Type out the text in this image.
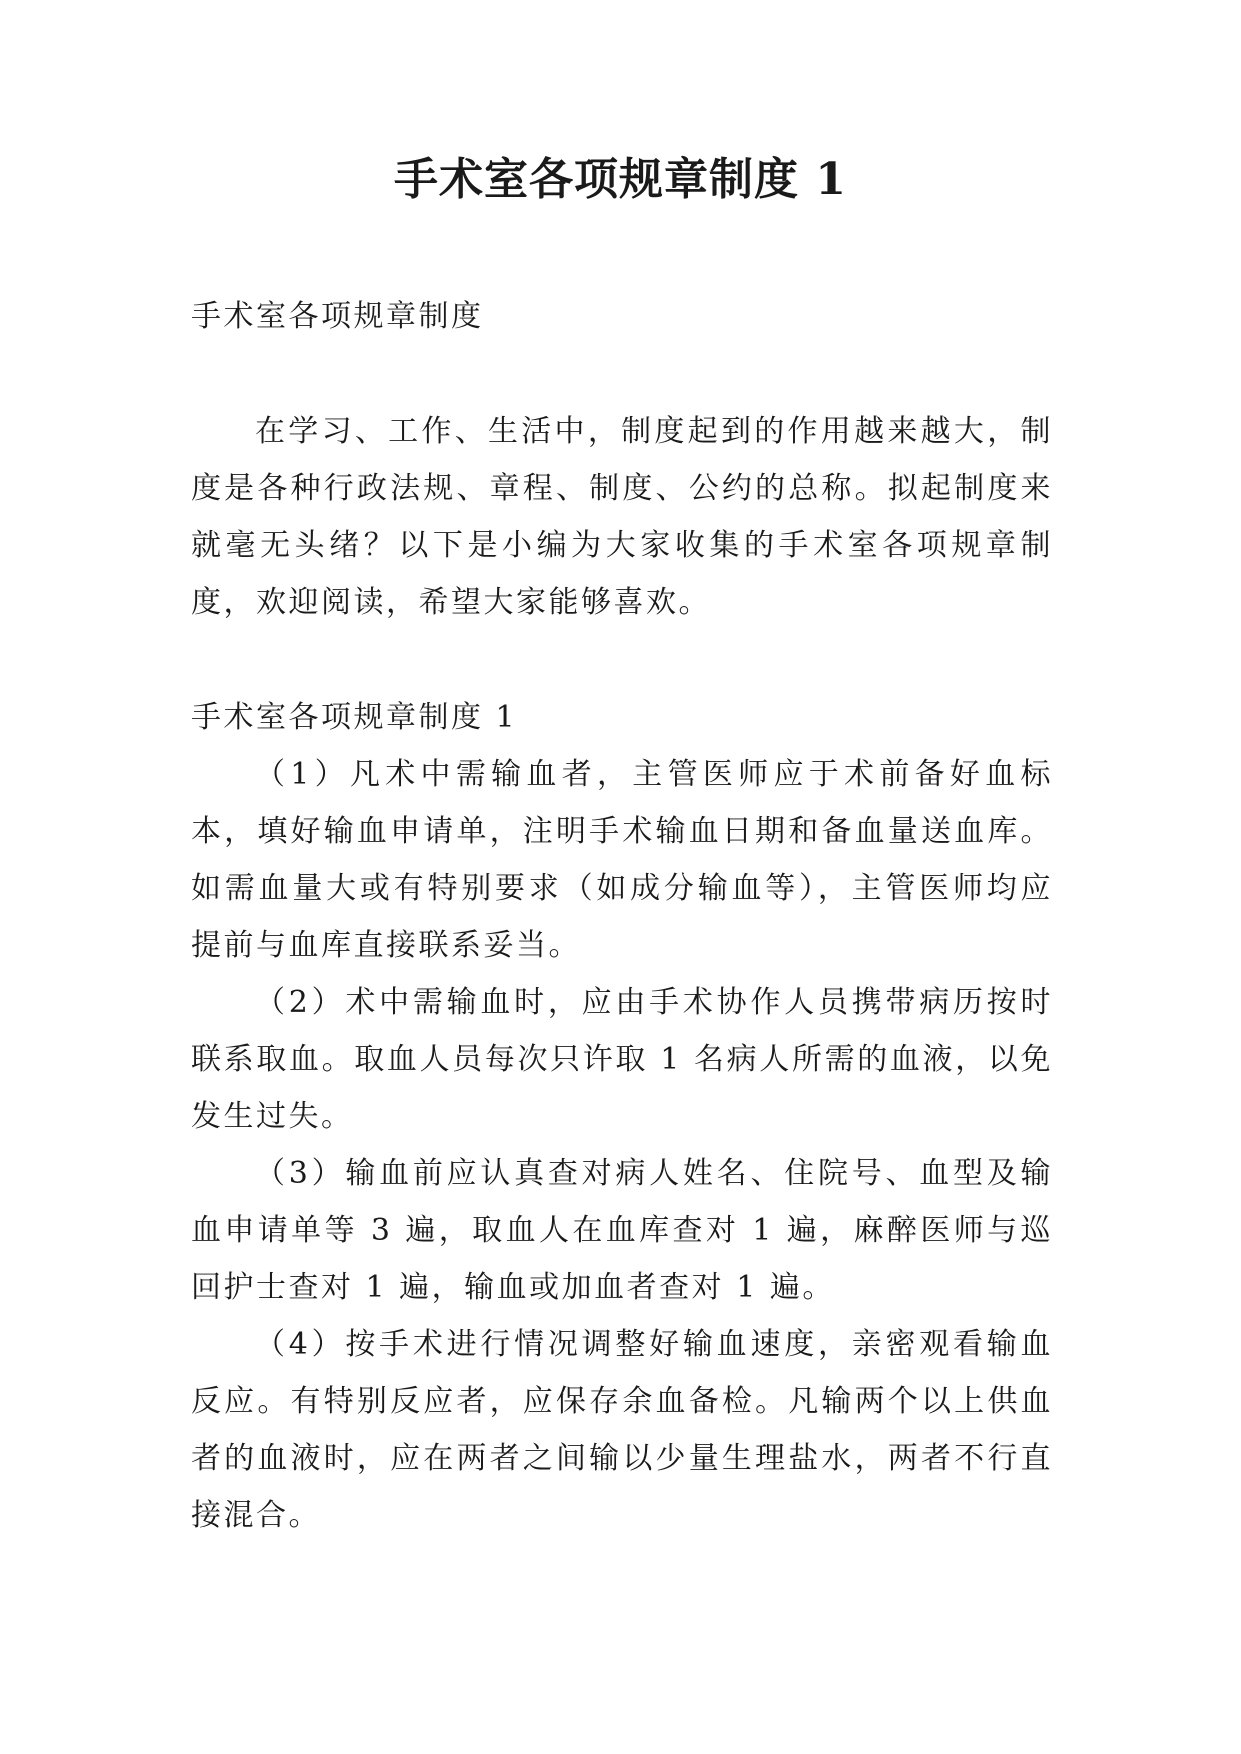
手术室各项规章制度 1

手术室各项规章制度

在学习、工作、生活中，制度起到的作用越来越大，制度是各种行政法规、章程、制度、公约的总称。拟起制度来就毫无头绪？以下是小编为大家收集的手术室各项规章制度，欢迎阅读，希望大家能够喜欢。

手术室各项规章制度 1

（1）凡术中需输血者，主管医师应于术前备好血标本，填好输血申请单，注明手术输血日期和备血量送血库。如需血量大或有特别要求（如成分输血等），主管医师均应提前与血库直接联系妥当。

（2）术中需输血时，应由手术协作人员携带病历按时联系取血。取血人员每次只许取 1 名病人所需的血液，以免发生过失。

（3）输血前应认真查对病人姓名、住院号、血型及输血申请单等 3 遍，取血人在血库查对 1 遍，麻醉医师与巡回护士查对 1 遍，输血或加血者查对 1 遍。

（4）按手术进行情况调整好输血速度，亲密观看输血反应。有特别反应者，应保存余血备检。凡输两个以上供血者的血液时，应在两者之间输以少量生理盐水，两者不行直接混合。
